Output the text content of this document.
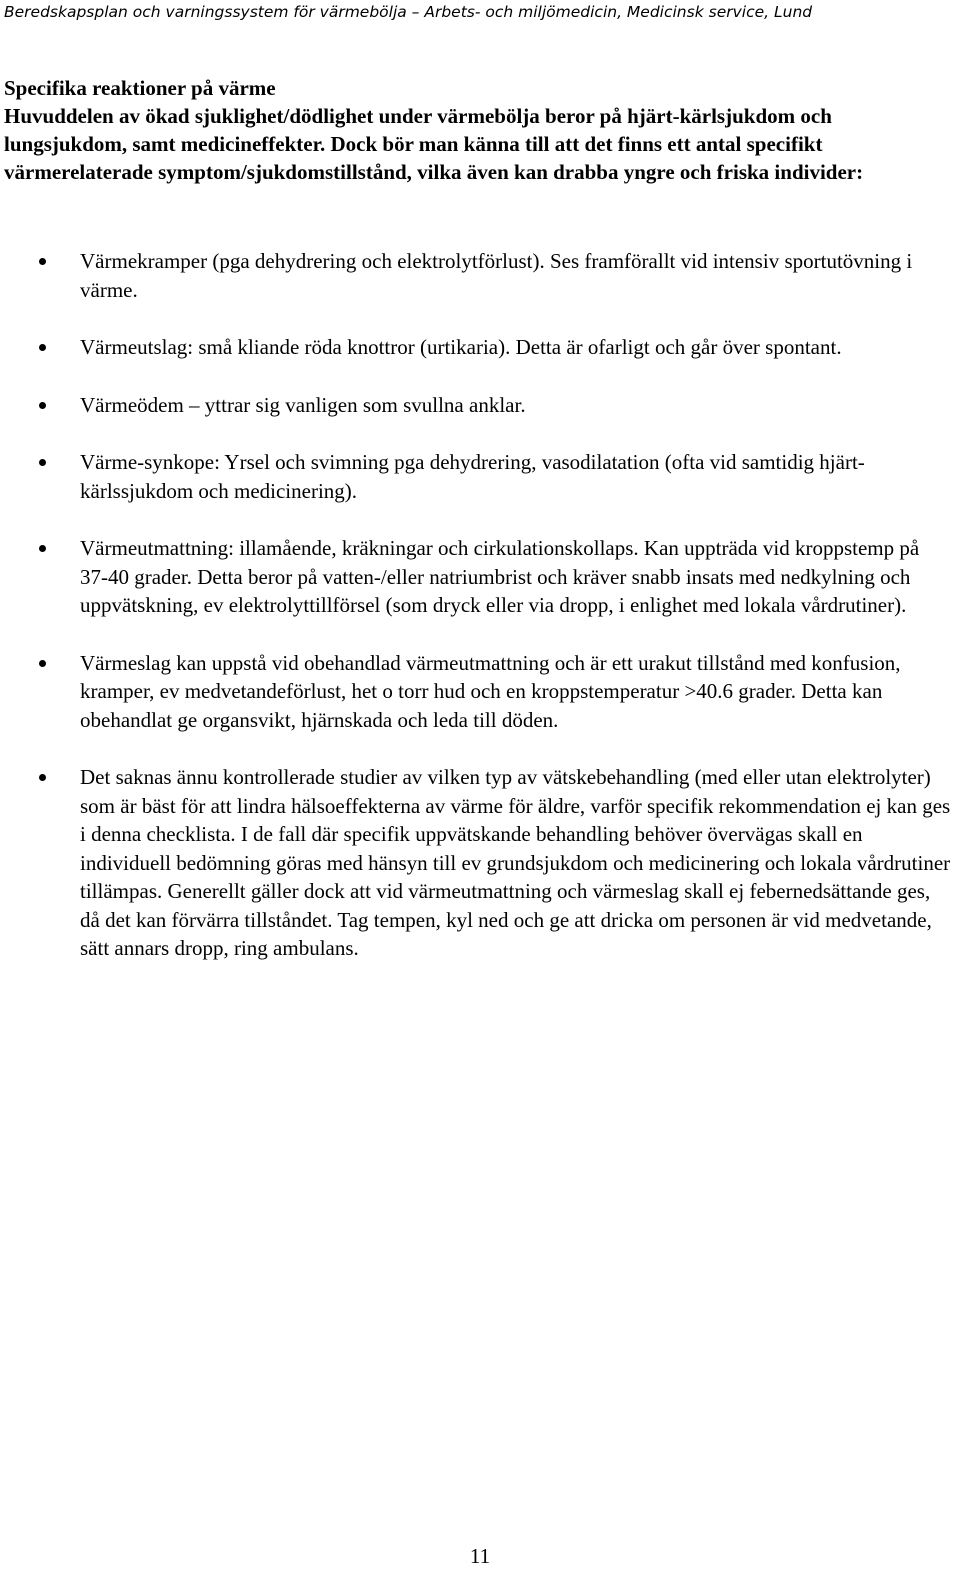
Beredskapsplan och varningssystem för värmebölja – Arbets- och miljömedicin, Medicinsk service, Lund

Specifika reaktioner på värme

Huvuddelen av ökad sjuklighet/dödlighet under värmebölja beror på hjärt-kärlsjukdom och lungsjukdom, samt medicineffekter. Dock bör man känna till att det finns ett antal specifikt värmerelaterade symptom/sjukdomstillstånd, vilka även kan drabba yngre och friska individer:

Värmekramper (pga dehydrering och elektrolytförlust). Ses framförallt vid intensiv sportutövning i värme.
Värmeutslag: små kliande röda knottror (urtikaria). Detta är ofarligt och går över spontant.
Värmeödem – yttrar sig vanligen som svullna anklar.
Värme-synkope: Yrsel och svimning pga dehydrering, vasodilatation (ofta vid samtidig hjärt-kärlssjukdom och medicinering).
Värmeutmattning: illamående, kräkningar och cirkulationskollaps. Kan uppträda vid kroppstemp på 37-40 grader. Detta beror på vatten-/eller natriumbrist och kräver snabb insats med nedkylning och uppvätskning, ev elektrolyttillförsel (som dryck eller via dropp, i enlighet med lokala vårdrutiner).
Värmeslag kan uppstå vid obehandlad värmeutmattning och är ett urakut tillstånd med konfusion, kramper, ev medvetandeförlust, het o torr hud och en kroppstemperatur >40.6 grader. Detta kan obehandlat ge organsvikt, hjärnskada och leda till döden.
Det saknas ännu kontrollerade studier av vilken typ av vätskebehandling (med eller utan elektrolyter) som är bäst för att lindra hälsoeffekterna av värme för äldre, varför specifik rekommendation ej kan ges i denna checklista. I de fall där specifik uppvätskande behandling behöver övervägas skall en individuell bedömning göras med hänsyn till ev grundsjukdom och medicinering och lokala vårdrutiner tillämpas. Generellt gäller dock att vid värmeutmattning och värmeslag skall ej febernedsättande ges, då det kan förvärra tillståndet. Tag tempen, kyl ned och ge att dricka om personen är vid medvetande, sätt annars dropp, ring ambulans.
11
